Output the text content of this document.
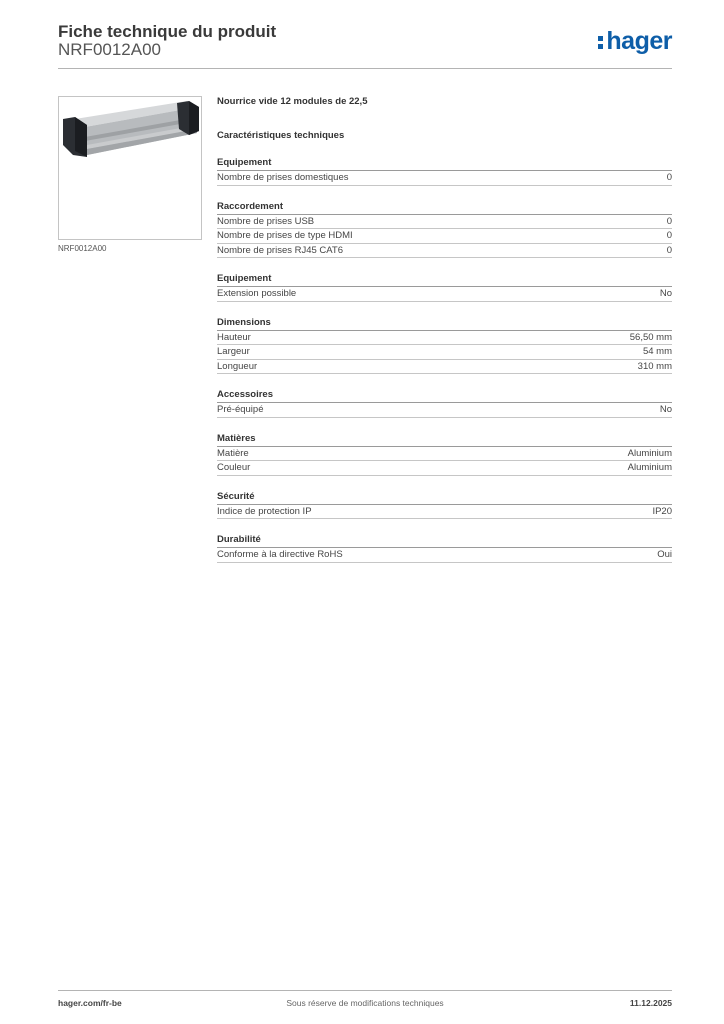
Fiche technique du produit
NRF0012A00	hager
NRF0012A00
Nourrice vide 12 modules de 22,5
Caractéristiques techniques
Equipement
Nombre de prises domestiques	0
Raccordement
Nombre de prises USB	0
Nombre de prises de type HDMI	0
Nombre de prises RJ45 CAT6	0
Equipement
Extension possible	No
Dimensions
Hauteur	56,50 mm
Largeur	54 mm
Longueur	310 mm
Accessoires
Pré-équipé	No
Matières
Matière	Aluminium
Couleur	Aluminium
Sécurité
Indice de protection IP	IP20
Durabilité
Conforme à la directive RoHS	Oui
hager.com/fr-be	Sous réserve de modifications techniques	11.12.2025
